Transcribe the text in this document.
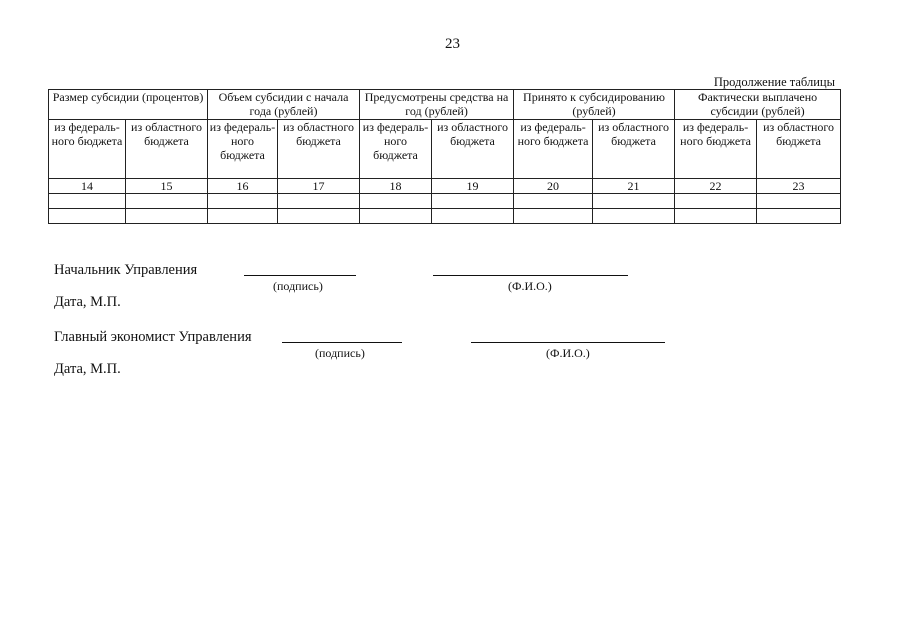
23
Продолжение таблицы
Размер субсидии (процентов)		Объем субсидии с начала года (рублей)		Предусмотрены средства на год (рублей)		Принято к субсидированию (рублей)		Фактически выплачено субсидии (рублей)	
из федераль-ного бюджета	из областного бюджета	из федераль-ного бюджета	из областного бюджета	из федераль-ного бюджета	из областного бюджета	из федераль-ного бюджета	из областного бюджета	из федераль-ного бюджета	из областного бюджета
14	15	16	17	18	19	20	21	22	23

Начальник Управления
(подпись)	(Ф.И.О.)
Дата, М.П.
Главный экономист Управления
(подпись)	(Ф.И.О.)
Дата, М.П.
